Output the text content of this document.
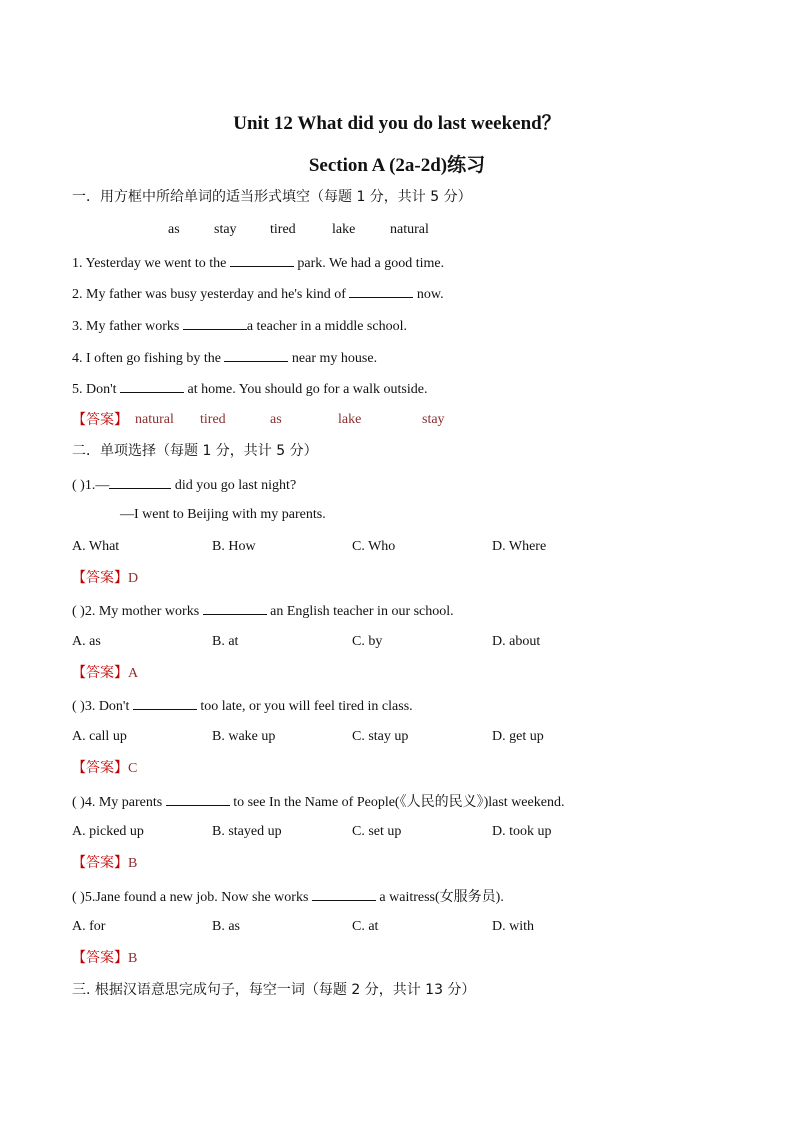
Unit 12 What did you do last weekend？
Section A (2a-2d)练习
一．用方框中所给单词的适当形式填空（每题 1 分，共计 5 分）
as stay tired	lake natural
1. Yesterday we went to the	park. We had a good time.
2. My father was busy yesterday and he's kind of	now.
3. My father works	a teacher in a middle school.
4. I often go fishing by the	near my house.
5. Don't	at home. You should go for a walk outside.
【答案】 natural tired	as	lake	stay
二．单项选择（每题 1 分，共计 5 分）
( )1.—	did you go last night?
—I went to Beijing with my parents.
A. What	B. How	C. Who	D. Where
【答案】D
( )2. My mother works	an English teacher in our school.
A. as	B. at	C. by	D. about
【答案】A
( )3. Don't	too late, or you will feel tired in class.
A. call up	B. wake up	C. stay up	D. get up
【答案】C
( )4. My parents	to see In the Name of People(《人民的民义》)last weekend.
A. picked up	B. stayed up	C. set up	D. took up
【答案】B
( )5.Jane found a new job. Now she works	a waitress(女服务员).
A. for	B. as	C. at	D. with
【答案】B
三. 根据汉语意思完成句子，每空一词（每题 2 分，共计 13 分）
